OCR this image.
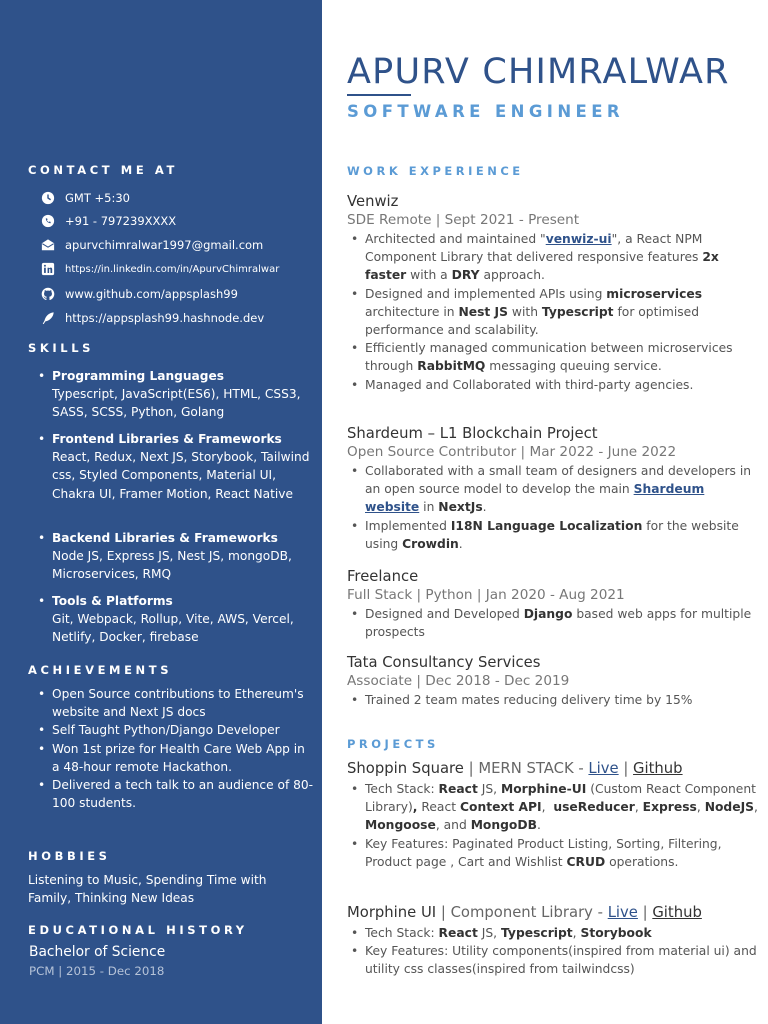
CONTACT ME AT
GMT +5:30
+91 - 797239XXXX
apurvchimralwar1997@gmail.com
https://in.linkedin.com/in/ApurvChimralwar
www.github.com/appsplash99
https://appsplash99.hashnode.dev
SKILLS
• Programming Languages
Typescript, JavaScript(ES6), HTML, CSS3, SASS, SCSS, Python, Golang
• Frontend Libraries & Frameworks
React, Redux, Next JS, Storybook, Tailwind css, Styled Components, Material UI, Chakra UI, Framer Motion, React Native
• Backend Libraries & Frameworks
Node JS, Express JS, Nest JS, mongoDB, Microservices, RMQ
• Tools & Platforms
Git, Webpack, Rollup, Vite, AWS, Vercel, Netlify, Docker, firebase
ACHIEVEMENTS
• Open Source contributions to Ethereum's website and Next JS docs
• Self Taught Python/Django Developer
• Won 1st prize for Health Care Web App in a 48-hour remote Hackathon.
• Delivered a tech talk to an audience of 80-100 students.
HOBBIES
Listening to Music, Spending Time with Family, Thinking New Ideas
EDUCATIONAL HISTORY
Bachelor of Science
PCM | 2015 - Dec 2018
APURV CHIMRALWAR
SOFTWARE ENGINEER
WORK EXPERIENCE
Venwiz
SDE Remote | Sept 2021 - Present
• Architected and maintained "venwiz-ui", a React NPM Component Library that delivered responsive features 2x faster with a DRY approach.
• Designed and implemented APIs using microservices architecture in Nest JS with Typescript for optimised performance and scalability.
• Efficiently managed communication between microservices through RabbitMQ messaging queuing service.
• Managed and Collaborated with third-party agencies.
Shardeum – L1 Blockchain Project
Open Source Contributor | Mar 2022 - June 2022
• Collaborated with a small team of designers and developers in an open source model to develop the main Shardeum website in NextJs.
• Implemented I18N Language Localization for the website using Crowdin.
Freelance
Full Stack | Python | Jan 2020 - Aug 2021
• Designed and Developed Django based web apps for multiple prospects
Tata Consultancy Services
Associate | Dec 2018 - Dec 2019
• Trained 2 team mates reducing delivery time by 15%
PROJECTS
Shoppin Square | MERN STACK - Live | Github
• Tech Stack: React JS, Morphine-UI (Custom React Component Library), React Context API,  useReducer, Express, NodeJS, Mongoose, and MongoDB.
• Key Features: Paginated Product Listing, Sorting, Filtering, Product page , Cart and Wishlist CRUD operations.
Morphine UI | Component Library - Live | Github
• Tech Stack: React JS, Typescript, Storybook
• Key Features: Utility components(inspired from material ui) and utility css classes(inspired from tailwindcss)
